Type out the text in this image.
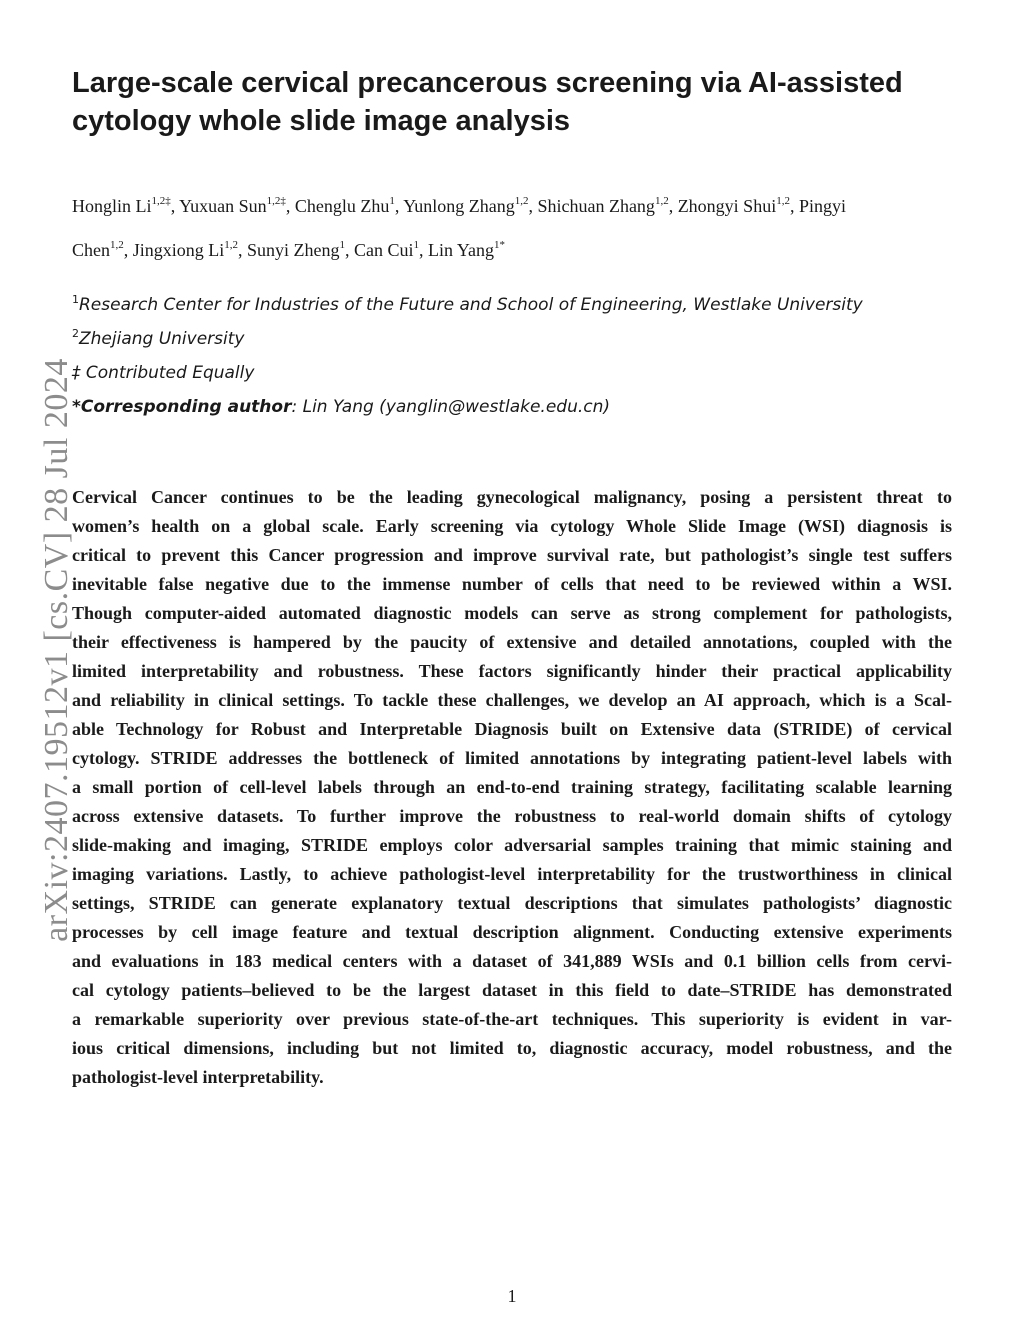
Large-scale cervical precancerous screening via AI-assisted
cytology whole slide image analysis
Honglin $Li^{1,2\ddagger}$, Yuxuan Sun$^{1,2\ddagger}$, Chenglu Zhu$^1$, Yunlong Zhang$^{1,2}$, Shichuan Zhang$^{1,2}$, Zhongyi Shui$^{1,2}$, Pingyi
Chen$^{1,2}$, Jingxiong Li$^{1,2}$, Sunyi Zheng$^1$, Can Cui$^1$, Lin Yang$^{1*}$
$^1$Research Center for Industries of the Future and School of Engineering, Westlake University
$^2$Zhejiang University
‡ Contributed Equally
*Corresponding author: Lin Yang (yanglin@westlake.edu.cn)
Cervical Cancer continues to be the leading gynecological malignancy, posing a persistent threat to
women’s health on a global scale. Early screening via cytology Whole Slide Image (WSI) diagnosis is
critical to prevent this Cancer progression and improve survival rate, but pathologist’s single test suffers
inevitable false negative due to the immense number of cells that need to be reviewed within a WSI.
Though computer-aided automated diagnostic models can serve as strong complement for pathologists,
their effectiveness is hampered by the paucity of extensive and detailed annotations, coupled with the
limited interpretability and robustness. These factors significantly hinder their practical applicability
and reliability in clinical settings. To tackle these challenges, we develop an AI approach, which is a Scal-
able Technology for Robust and Interpretable Diagnosis built on Extensive data (STRIDE) of cervical
cytology. STRIDE addresses the bottleneck of limited annotations by integrating patient-level labels with
a small portion of cell-level labels through an end-to-end training strategy, facilitating scalable learning
across extensive datasets. To further improve the robustness to real-world domain shifts of cytology
slide-making and imaging, STRIDE employs color adversarial samples training that mimic staining and
imaging variations. Lastly, to achieve pathologist-level interpretability for the trustworthiness in clinical
settings, STRIDE can generate explanatory textual descriptions that simulates pathologists’ diagnostic
processes by cell image feature and textual description alignment. Conducting extensive experiments
and evaluations in 183 medical centers with a dataset of 341,889 WSIs and 0.1 billion cells from cervi-
cal cytology patients–believed to be the largest dataset in this field to date–STRIDE has demonstrated
a remarkable superiority over previous state-of-the-art techniques. This superiority is evident in var-
ious critical dimensions, including but not limited to, diagnostic accuracy, model robustness, and the
pathologist-level interpretability.
arXiv:2407.19512v1 [cs.CV] 28 Jul 2024
1
